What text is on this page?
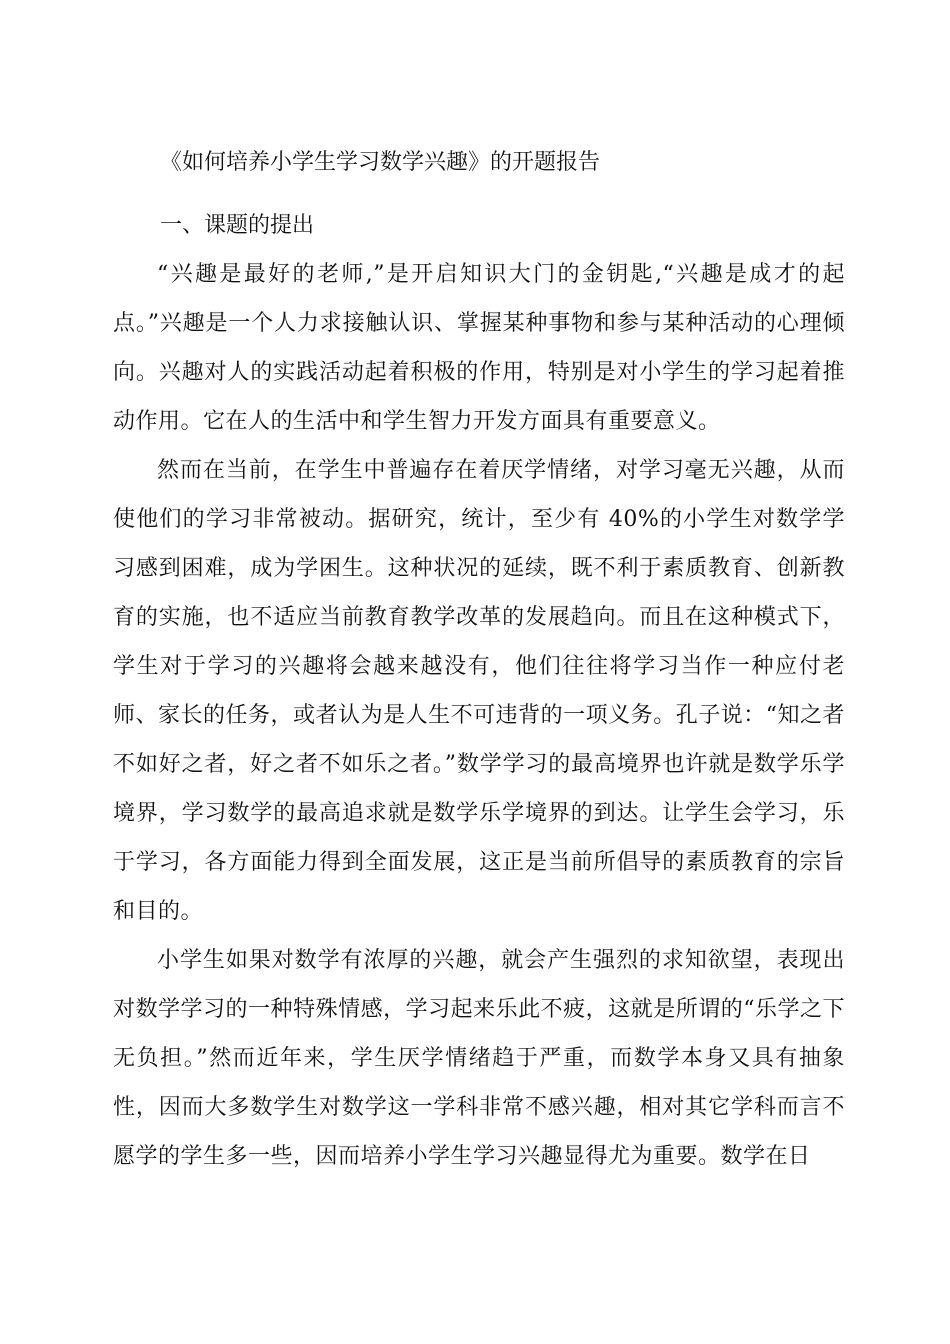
《如何培养小学生学习数学兴趣》的开题报告

一、课题的提出

“兴趣是最好的老师,”是开启知识大门的金钥匙,“兴趣是成才的起点。”兴趣是一个人力求接触认识、掌握某种事物和参与某种活动的心理倾向。兴趣对人的实践活动起着积极的作用，特别是对小学生的学习起着推动作用。它在人的生活中和学生智力开发方面具有重要意义。

然而在当前，在学生中普遍存在着厌学情绪，对学习毫无兴趣，从而使他们的学习非常被动。据研究，统计，至少有 40%的小学生对数学学习感到困难，成为学困生。这种状况的延续，既不利于素质教育、创新教育的实施，也不适应当前教育教学改革的发展趋向。而且在这种模式下，学生对于学习的兴趣将会越来越没有，他们往往将学习当作一种应付老师、家长的任务，或者认为是人生不可违背的一项义务。孔子说：“知之者不如好之者，好之者不如乐之者。”数学学习的最高境界也许就是数学乐学境界，学习数学的最高追求就是数学乐学境界的到达。让学生会学习，乐于学习，各方面能力得到全面发展，这正是当前所倡导的素质教育的宗旨和目的。

小学生如果对数学有浓厚的兴趣，就会产生强烈的求知欲望，表现出对数学学习的一种特殊情感，学习起来乐此不疲，这就是所谓的“乐学之下无负担。”然而近年来，学生厌学情绪趋于严重，而数学本身又具有抽象性，因而大多数学生对数学这一学科非常不感兴趣，相对其它学科而言不愿学的学生多一些，因而培养小学生学习兴趣显得尤为重要。数学在日
